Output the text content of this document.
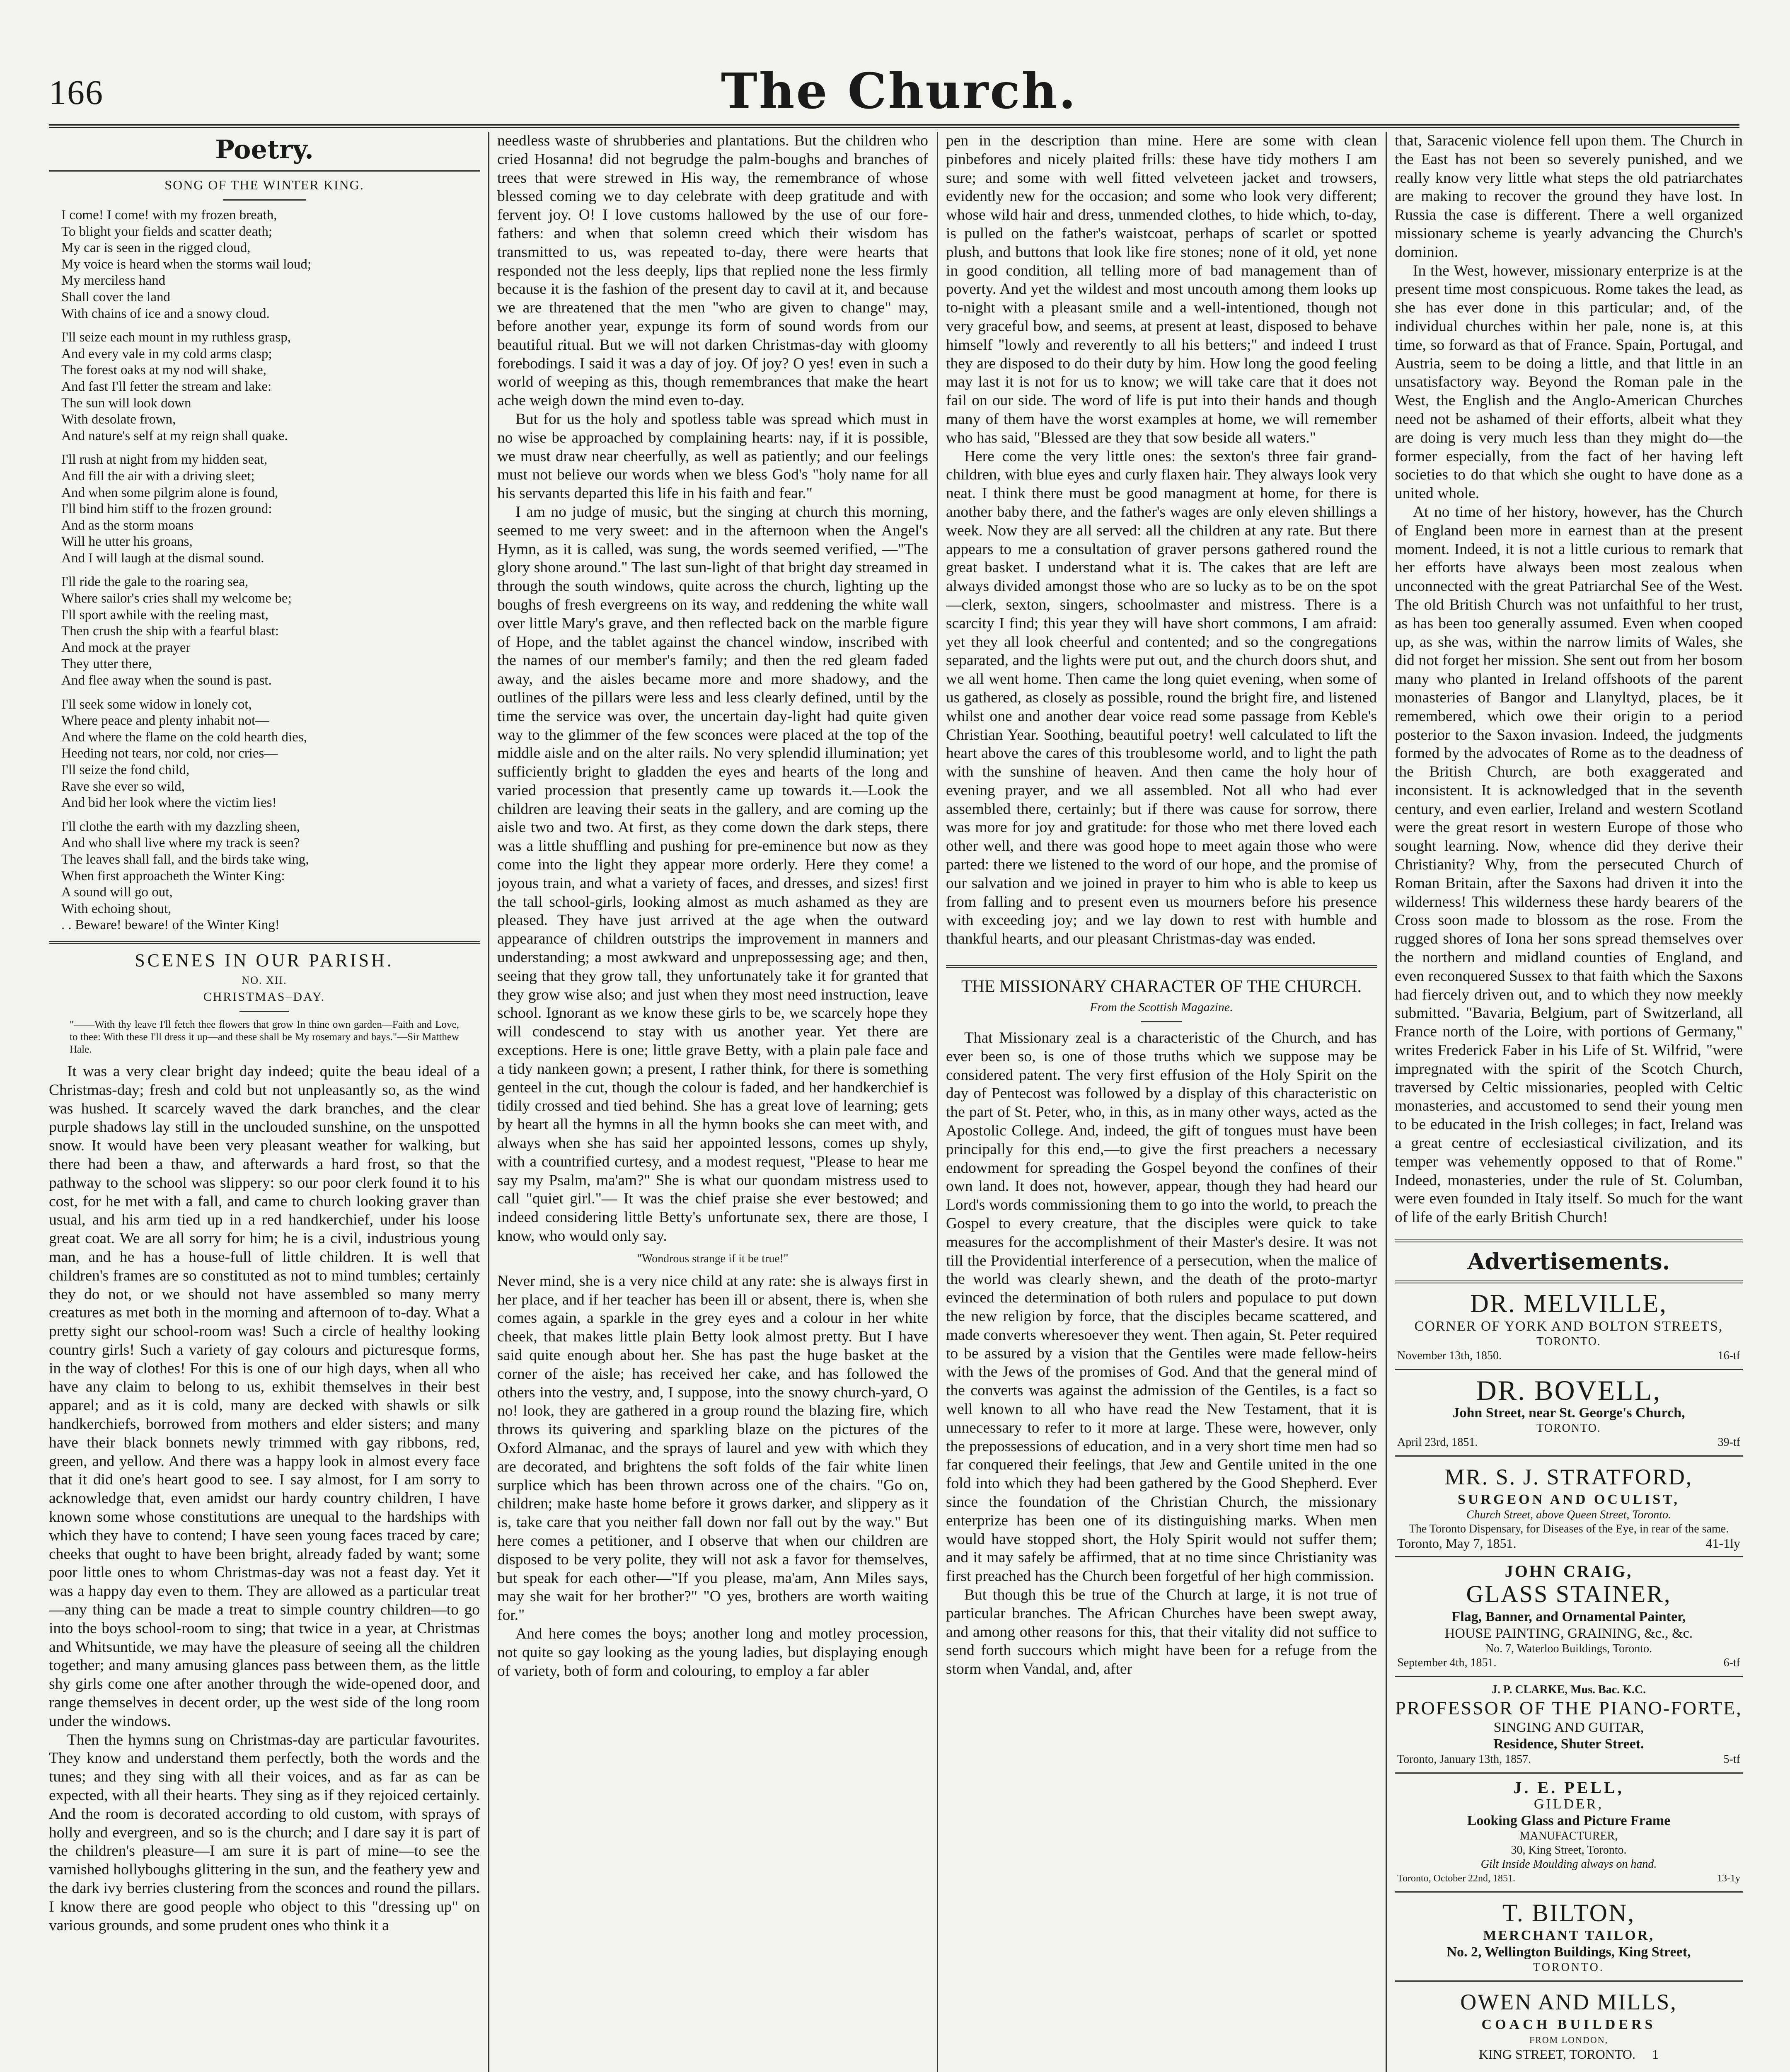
166	The Church.
Poetry.
SONG OF THE WINTER KING.

I come! I come! with my frozen breath,
To blight your fields and scatter death;
My car is seen in the rigged cloud,
My voice is heard when the storms wail loud;
My merciless hand
Shall cover the land
With chains of ice and a snowy cloud.

I'll seize each mount in my ruthless grasp,
And every vale in my cold arms clasp;
The forest oaks at my nod will shake,
And fast I'll fetter the stream and lake:
The sun will look down
With desolate frown,
And nature's self at my reign shall quake.

I'll rush at night from my hidden seat,
And fill the air with a driving sleet;
And when some pilgrim alone is found,
I'll bind him stiff to the frozen ground:
And as the storm moans
Will he utter his groans,
And I will laugh at the dismal sound.

I'll ride the gale to the roaring sea,
Where sailor's cries shall my welcome be;
I'll sport awhile with the reeling mast,
Then crush the ship with a fearful blast:
And mock at the prayer
They utter there,
And flee away when the sound is past.

I'll seek some widow in lonely cot,
Where peace and plenty inhabit not—
And where the flame on the cold hearth dies,
Heeding not tears, nor cold, nor cries—
I'll seize the fond child,
Rave she ever so wild,
And bid her look where the victim lies!

I'll clothe the earth with my dazzling sheen,
And who shall live where my track is seen?
The leaves shall fall, and the birds take wing,
When first approacheth the Winter King:
A sound will go out,
With echoing shout,
. . Beware! beware! of the Winter King!

SCENES IN OUR PARISH.
NO. XII.
CHRISTMAS–DAY.

"——With thy leave I'll fetch thee flowers that grow In thine own garden—Faith and Love, to thee: With these I'll dress it up—and these shall be My rosemary and bays."—Sir Matthew Hale.

It was a very clear bright day indeed; quite the beau ideal of a Christmas-day; fresh and cold but not unpleasantly so, as the wind was hushed. It scarcely waved the dark branches, and the clear purple shadows lay still in the unclouded sunshine, on the unspotted snow. It would have been very pleasant weather for walking, but there had been a thaw, and afterwards a hard frost, so that the pathway to the school was slippery: so our poor clerk found it to his cost, for he met with a fall, and came to church looking graver than usual, and his arm tied up in a red handkerchief, under his loose great coat. We are all sorry for him; he is a civil, industrious young man, and he has a house-full of little children. It is well that children's frames are so constituted as not to mind tumbles; certainly they do not, or we should not have assembled so many merry creatures as met both in the morning and afternoon of to-day. What a pretty sight our school-room was! Such a circle of healthy looking country girls! Such a variety of gay colours and picturesque forms, in the way of clothes! For this is one of our high days, when all who have any claim to belong to us, exhibit themselves in their best apparel; and as it is cold, many are decked with shawls or silk handkerchiefs, borrowed from mothers and elder sisters; and many have their black bonnets newly trimmed with gay ribbons, red, green, and yellow. And there was a happy look in almost every face that it did one's heart good to see. I say almost, for I am sorry to acknowledge that, even amidst our hardy country children, I have known some whose constitutions are unequal to the hardships with which they have to contend; I have seen young faces traced by care; cheeks that ought to have been bright, already faded by want; some poor little ones to whom Christmas-day was not a feast day. Yet it was a happy day even to them. They are allowed as a particular treat—any thing can be made a treat to simple country children—to go into the boys school-room to sing; that twice in a year, at Christmas and Whitsuntide, we may have the pleasure of seeing all the children together; and many amusing glances pass between them, as the little shy girls come one after another through the wide-opened door, and range themselves in decent order, up the west side of the long room under the windows.

Then the hymns sung on Christmas-day are particular favourites. They know and understand them perfectly, both the words and the tunes; and they sing with all their voices, and as far as can be expected, with all their hearts. They sing as if they rejoiced certainly. And the room is decorated according to old custom, with sprays of holly and evergreen, and so is the church; and I dare say it is part of the children's pleasure—I am sure it is part of mine—to see the varnished hollyboughs glittering in the sun, and the feathery yew and the dark ivy berries clustering from the sconces and round the pillars. I know there are good people who object to this "dressing up" on various grounds, and some prudent ones who think it a

needless waste of shrubberies and plantations. But the children who cried Hosanna! did not begrudge the palm-boughs and branches of trees that were strewed in His way, the remembrance of whose blessed coming we to day celebrate with deep gratitude and with fervent joy. O! I love customs hallowed by the use of our fore-fathers: and when that solemn creed which their wisdom has transmitted to us, was repeated to-day, there were hearts that responded not the less deeply, lips that replied none the less firmly because it is the fashion of the present day to cavil at it, and because we are threatened that the men "who are given to change" may, before another year, expunge its form of sound words from our beautiful ritual. But we will not darken Christmas-day with gloomy forebodings. I said it was a day of joy. Of joy? O yes! even in such a world of weeping as this, though remembrances that make the heart ache weigh down the mind even to-day.

But for us the holy and spotless table was spread which must in no wise be approached by complaining hearts: nay, if it is possible, we must draw near cheerfully, as well as patiently; and our feelings must not believe our words when we bless God's "holy name for all his servants departed this life in his faith and fear."

I am no judge of music, but the singing at church this morning, seemed to me very sweet: and in the afternoon when the Angel's Hymn, as it is called, was sung, the words seemed verified, —"The glory shone around." The last sun-light of that bright day streamed in through the south windows, quite across the church, lighting up the boughs of fresh evergreens on its way, and reddening the white wall over little Mary's grave, and then reflected back on the marble figure of Hope, and the tablet against the chancel window, inscribed with the names of our member's family; and then the red gleam faded away, and the aisles became more and more shadowy, and the outlines of the pillars were less and less clearly defined, until by the time the service was over, the uncertain day-light had quite given way to the glimmer of the few sconces were placed at the top of the middle aisle and on the alter rails. No very splendid illumination; yet sufficiently bright to gladden the eyes and hearts of the long and varied procession that presently came up towards it.—Look the children are leaving their seats in the gallery, and are coming up the aisle two and two. At first, as they come down the dark steps, there was a little shuffling and pushing for pre-eminence but now as they come into the light they appear more orderly. Here they come! a joyous train, and what a variety of faces, and dresses, and sizes! first the tall school-girls, looking almost as much ashamed as they are pleased. They have just arrived at the age when the outward appearance of children outstrips the improvement in manners and understanding; a most awkward and unprepossessing age; and then, seeing that they grow tall, they unfortunately take it for granted that they grow wise also; and just when they most need instruction, leave school. Ignorant as we know these girls to be, we scarcely hope they will condescend to stay with us another year. Yet there are exceptions. Here is one; little grave Betty, with a plain pale face and a tidy nankeen gown; a present, I rather think, for there is something genteel in the cut, though the colour is faded, and her handkerchief is tidily crossed and tied behind. She has a great love of learning; gets by heart all the hymns in all the hymn books she can meet with, and always when she has said her appointed lessons, comes up shyly, with a countrified curtesy, and a modest request, "Please to hear me say my Psalm, ma'am?" She is what our quondam mistress used to call "quiet girl."— It was the chief praise she ever bestowed; and indeed considering little Betty's unfortunate sex, there are those, I know, who would only say.

"Wondrous strange if it be true!"

Never mind, she is a very nice child at any rate: she is always first in her place, and if her teacher has been ill or absent, there is, when she comes again, a sparkle in the grey eyes and a colour in her white cheek, that makes little plain Betty look almost pretty. But I have said quite enough about her. She has past the huge basket at the corner of the aisle; has received her cake, and has followed the others into the vestry, and, I suppose, into the snowy church-yard, O no! look, they are gathered in a group round the blazing fire, which throws its quivering and sparkling blaze on the pictures of the Oxford Almanac, and the sprays of laurel and yew with which they are decorated, and brightens the soft folds of the fair white linen surplice which has been thrown across one of the chairs. "Go on, children; make haste home before it grows darker, and slippery as it is, take care that you neither fall down nor fall out by the way." But here comes a petitioner, and I observe that when our children are disposed to be very polite, they will not ask a favor for themselves, but speak for each other—"If you please, ma'am, Ann Miles says, may she wait for her brother?" "O yes, brothers are worth waiting for."

And here comes the boys; another long and motley procession, not quite so gay looking as the young ladies, but displaying enough of variety, both of form and colouring, to employ a far abler

pen in the description than mine. Here are some with clean pinbefores and nicely plaited frills: these have tidy mothers I am sure; and some with well fitted velveteen jacket and trowsers, evidently new for the occasion; and some who look very different; whose wild hair and dress, unmended clothes, to hide which, to-day, is pulled on the father's waistcoat, perhaps of scarlet or spotted plush, and buttons that look like fire stones; none of it old, yet none in good condition, all telling more of bad management than of poverty. And yet the wildest and most uncouth among them looks up to-night with a pleasant smile and a well-intentioned, though not very graceful bow, and seems, at present at least, disposed to behave himself "lowly and reverently to all his betters;" and indeed I trust they are disposed to do their duty by him. How long the good feeling may last it is not for us to know; we will take care that it does not fail on our side. The word of life is put into their hands and though many of them have the worst examples at home, we will remember who has said, "Blessed are they that sow beside all waters."

Here come the very little ones: the sexton's three fair grand-children, with blue eyes and curly flaxen hair. They always look very neat. I think there must be good managment at home, for there is another baby there, and the father's wages are only eleven shillings a week. Now they are all served: all the children at any rate. But there appears to me a consultation of graver persons gathered round the great basket. I understand what it is. The cakes that are left are always divided amongst those who are so lucky as to be on the spot—clerk, sexton, singers, schoolmaster and mistress. There is a scarcity I find; this year they will have short commons, I am afraid: yet they all look cheerful and contented; and so the congregations separated, and the lights were put out, and the church doors shut, and we all went home. Then came the long quiet evening, when some of us gathered, as closely as possible, round the bright fire, and listened whilst one and another dear voice read some passage from Keble's Christian Year. Soothing, beautiful poetry! well calculated to lift the heart above the cares of this troublesome world, and to light the path with the sunshine of heaven. And then came the holy hour of evening prayer, and we all assembled. Not all who had ever assembled there, certainly; but if there was cause for sorrow, there was more for joy and gratitude: for those who met there loved each other well, and there was good hope to meet again those who were parted: there we listened to the word of our hope, and the promise of our salvation and we joined in prayer to him who is able to keep us from falling and to present even us mourners before his presence with exceeding joy; and we lay down to rest with humble and thankful hearts, and our pleasant Christmas-day was ended.

THE MISSIONARY CHARACTER OF THE CHURCH.
From the Scottish Magazine.

That Missionary zeal is a characteristic of the Church, and has ever been so, is one of those truths which we suppose may be considered patent. The very first effusion of the Holy Spirit on the day of Pentecost was followed by a display of this characteristic on the part of St. Peter, who, in this, as in many other ways, acted as the Apostolic College. And, indeed, the gift of tongues must have been principally for this end,—to give the first preachers a necessary endowment for spreading the Gospel beyond the confines of their own land. It does not, however, appear, though they had heard our Lord's words commissioning them to go into the world, to preach the Gospel to every creature, that the disciples were quick to take measures for the accomplishment of their Master's desire. It was not till the Providential interference of a persecution, when the malice of the world was clearly shewn, and the death of the proto-martyr evinced the determination of both rulers and populace to put down the new religion by force, that the disciples became scattered, and made converts wheresoever they went. Then again, St. Peter required to be assured by a vision that the Gentiles were made fellow-heirs with the Jews of the promises of God. And that the general mind of the converts was against the admission of the Gentiles, is a fact so well known to all who have read the New Testament, that it is unnecessary to refer to it more at large. These were, however, only the prepossessions of education, and in a very short time men had so far conquered their feelings, that Jew and Gentile united in the one fold into which they had been gathered by the Good Shepherd. Ever since the foundation of the Christian Church, the missionary enterprize has been one of its distinguishing marks. When men would have stopped short, the Holy Spirit would not suffer them; and it may safely be affirmed, that at no time since Christianity was first preached has the Church been forgetful of her high commission.

But though this be true of the Church at large, it is not true of particular branches. The African Churches have been swept away, and among other reasons for this, that their vitality did not suffice to send forth succours which might have been for a refuge from the storm when Vandal, and, after

that, Saracenic violence fell upon them. The Church in the East has not been so severely punished, and we really know very little what steps the old patriarchates are making to recover the ground they have lost. In Russia the case is different. There a well organized missionary scheme is yearly advancing the Church's dominion.

In the West, however, missionary enterprize is at the present time most conspicuous. Rome takes the lead, as she has ever done in this particular; and, of the individual churches within her pale, none is, at this time, so forward as that of France. Spain, Portugal, and Austria, seem to be doing a little, and that little in an unsatisfactory way. Beyond the Roman pale in the West, the English and the Anglo-American Churches need not be ashamed of their efforts, albeit what they are doing is very much less than they might do—the former especially, from the fact of her having left societies to do that which she ought to have done as a united whole.

At no time of her history, however, has the Church of England been more in earnest than at the present moment. Indeed, it is not a little curious to remark that her efforts have always been most zealous when unconnected with the great Patriarchal See of the West. The old British Church was not unfaithful to her trust, as has been too generally assumed. Even when cooped up, as she was, within the narrow limits of Wales, she did not forget her mission. She sent out from her bosom many who planted in Ireland offshoots of the parent monasteries of Bangor and Llanyltyd, places, be it remembered, which owe their origin to a period posterior to the Saxon invasion. Indeed, the judgments formed by the advocates of Rome as to the deadness of the British Church, are both exaggerated and inconsistent. It is acknowledged that in the seventh century, and even earlier, Ireland and western Scotland were the great resort in western Europe of those who sought learning. Now, whence did they derive their Christianity? Why, from the persecuted Church of Roman Britain, after the Saxons had driven it into the wilderness! This wilderness these hardy bearers of the Cross soon made to blossom as the rose. From the rugged shores of Iona her sons spread themselves over the northern and midland counties of England, and even reconquered Sussex to that faith which the Saxons had fiercely driven out, and to which they now meekly submitted. "Bavaria, Belgium, part of Switzerland, all France north of the Loire, with portions of Germany," writes Frederick Faber in his Life of St. Wilfrid, "were impregnated with the spirit of the Scotch Church, traversed by Celtic missionaries, peopled with Celtic monasteries, and accustomed to send their young men to be educated in the Irish colleges; in fact, Ireland was a great centre of ecclesiastical civilization, and its temper was vehemently opposed to that of Rome." Indeed, monasteries, under the rule of St. Columban, were even founded in Italy itself. So much for the want of life of the early British Church!

Advertisements.
DR. MELVILLE,
CORNER OF YORK AND BOLTON STREETS,
TORONTO.
November 13th, 1850.	16-tf
DR. BOVELL,
John Street, near St. George's Church,
TORONTO.
April 23rd, 1851.	39-tf
MR. S. J. STRATFORD,
SURGEON AND OCULIST,
Church Street, above Queen Street, Toronto.
The Toronto Dispensary, for Diseases of the Eye, in rear of the same.
Toronto, May 7, 1851.	41-1ly
JOHN CRAIG,
GLASS STAINER,
Flag, Banner, and Ornamental Painter,
HOUSE PAINTING, GRAINING, &c., &c.
No. 7, Waterloo Buildings, Toronto.
September 4th, 1851.	6-tf
J. P. CLARKE, Mus. Bac. K.C.
PROFESSOR OF THE PIANO-FORTE,
SINGING AND GUITAR,
Residence, Shuter Street.
Toronto, January 13th, 1857.	5-tf
J. E. PELL,
GILDER,
Looking Glass and Picture Frame
MANUFACTURER,
30, King Street, Toronto.
Gilt Inside Moulding always on hand.
Toronto, October 22nd, 1851.	13-1y
T. BILTON,
MERCHANT TAILOR,
No. 2, Wellington Buildings, King Street,
TORONTO.
OWEN AND MILLS,
COACH BUILDERS
FROM LONDON,
KING STREET, TORONTO. 1
